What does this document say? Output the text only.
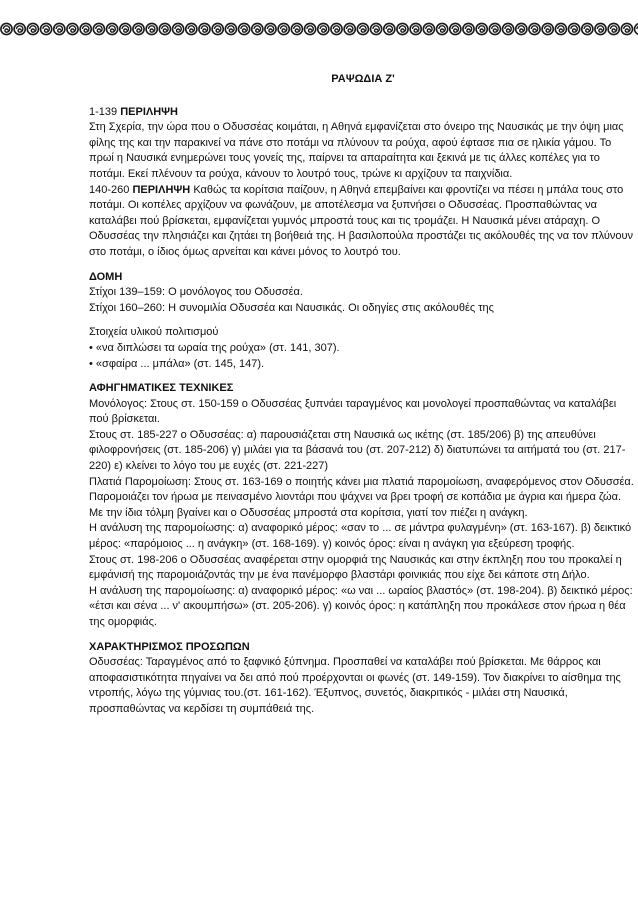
ΡΑΨΩΔΙΑ Ζ'
1-139 ΠΕΡΙΛΗΨΗ
Στη Σχερία, την ώρα που ο Οδυσσέας κοιμάται, η Αθηνά εμφανίζεται στο όνειρο της Ναυσικάς με την όψη μιας φίλης της και την παρακινεί να πάνε στο ποτάμι να πλύνουν τα ρούχα, αφού έφτασε πια σε ηλικία γάμου. Το πρωί η Ναυσικά ενημερώνει τους γονείς της, παίρνει τα απαραίτητα και ξεκινά με τις άλλες κοπέλες για το ποτάμι. Εκεί πλένουν τα ρούχα, κάνουν το λουτρό τους, τρώνε κι αρχίζουν τα παιχνίδια.
140-260 ΠΕΡΙΛΗΨΗ Καθώς τα κορίτσια παίζουν, η Αθηνά επεμβαίνει και φροντίζει να πέσει η μπάλα τους στο ποτάμι. Οι κοπέλες αρχίζουν να φωνάζουν, με αποτέλεσμα να ξυπνήσει ο Οδυσσέας. Προσπαθώντας να καταλάβει πού βρίσκεται, εμφανίζεται γυμνός μπροστά τους και τις τρομάζει. Η Ναυσικά μένει ατάραχη. Ο Οδυσσέας την πλησιάζει και ζητάει τη βοήθειά της. Η βασιλοπούλα προστάζει τις ακόλουθές της να τον πλύνουν στο ποτάμι, ο ίδιος όμως αρνείται και κάνει μόνος το λουτρό του.
ΔΟΜΗ
Στίχοι 139–159: Ο μονόλογος του Οδυσσέα.
Στίχοι 160–260: Η συνομιλία Οδυσσέα και Ναυσικάς. Οι οδηγίες στις ακόλουθές της
Στοιχεία υλικού πολιτισμού
• «να διπλώσει τα ωραία της ρούχα» (στ. 141, 307).
• «σφαίρα ... μπάλα» (στ. 145, 147).
ΑΦΗΓΗΜΑΤΙΚΕΣ ΤΕΧΝΙΚΕΣ
Μονόλογος: Στους στ. 150-159 ο Οδυσσέας ξυπνάει ταραγμένος και μονολογεί προσπαθώντας να καταλάβει πού βρίσκεται.
Στους στ. 185-227 ο Οδυσσέας: α) παρουσιάζεται στη Ναυσικά ως ικέτης (στ. 185/206) β) της απευθύνει φιλοφρονήσεις (στ. 185-206) γ) μιλάει για τα βάσανά του (στ. 207-212) δ) διατυπώνει τα αιτήματά του (στ. 217-220) ε) κλείνει το λόγο του με ευχές (στ. 221-227)
Πλατιά Παρομοίωση: Στους στ. 163-169 ο ποιητής κάνει μια πλατιά παρομοίωση, αναφερόμενος στον Οδυσσέα. Παρομοιάζει τον ήρωα με πεινασμένο λιοντάρι που ψάχνει να βρει τροφή σε κοπάδια με άγρια και ήμερα ζώα. Με την ίδια τόλμη βγαίνει και ο Οδυσσέας μπροστά στα κορίτσια, γιατί τον πιέζει η ανάγκη.
Η ανάλυση της παρομοίωσης: α) αναφορικό μέρος: «σαν το ... σε μάντρα φυλαγμένη» (στ. 163-167). β) δεικτικό μέρος: «παρόμοιος ... η ανάγκη» (στ. 168-169). γ) κοινός όρος: είναι η ανάγκη για εξεύρεση τροφής.
Στους στ. 198-206 ο Οδυσσέας αναφέρεται στην ομορφιά της Ναυσικάς και στην έκπληξη που του προκαλεί η εμφάνισή της παρομοιάζοντάς την με ένα πανέμορφο βλαστάρι φοινικιάς που είχε δει κάποτε στη Δήλο.
Η ανάλυση της παρομοίωσης: α) αναφορικό μέρος: «ω ναι ... ωραίος βλαστός» (στ. 198-204). β) δεικτικό μέρος: «έτσι και σένα ... ν' ακουμπήσω» (στ. 205-206). γ) κοινός όρος: η κατάπληξη που προκάλεσε στον ήρωα η θέα της ομορφιάς.
ΧΑΡΑΚΤΗΡΙΣΜΟΣ ΠΡΟΣΩΠΩΝ
Οδυσσέας: Ταραγμένος από το ξαφνικό ξύπνημα. Προσπαθεί να καταλάβει πού βρίσκεται. Με θάρρος και αποφασιστικότητα πηγαίνει να δει από πού προέρχονται οι φωνές (στ. 149-159). Τον διακρίνει το αίσθημα της ντροπής, λόγω της γύμνιας του.(στ. 161-162). Έξυπνος, συνετός, διακριτικός - μιλάει στη Ναυσικά, προσπαθώντας να κερδίσει τη συμπάθειά της.
